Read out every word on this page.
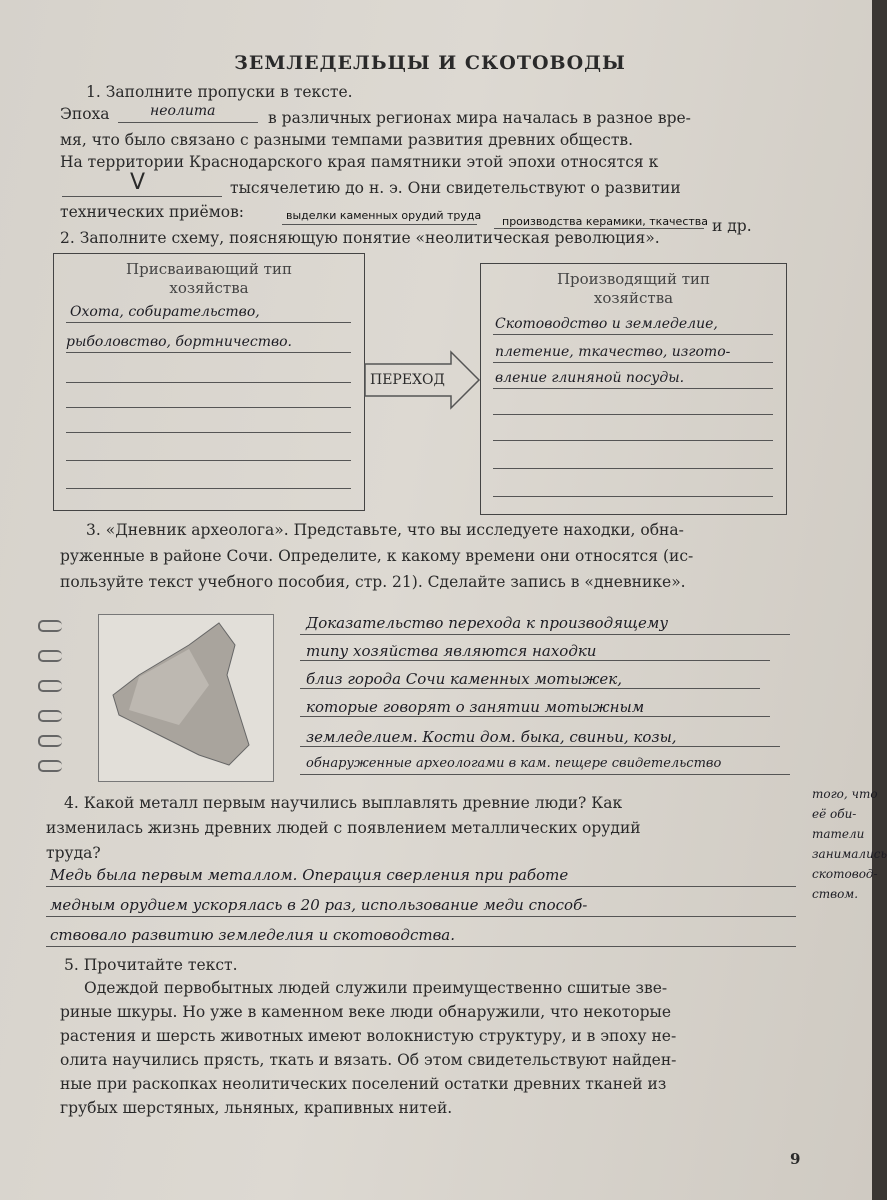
ЗЕМЛЕДЕЛЬЦЫ И СКОТОВОДЫ
1. Заполните пропуски в тексте.
Эпоха	неолита	в различных регионах мира началась в разное вре-
мя, что было связано с разными темпами развития древних обществ.
На территории Краснодарского края памятники этой эпохи относятся к
V	тысячелетию до н. э. Они свидетельствуют о развитии
технических приёмов:	выделки каменных орудий труда производства керамики, ткачества и др.
2. Заполните схему, поясняющую понятие «неолитическая революция».
Присваивающий тип хозяйства
Охота, собирательство,
рыболовство, бортничество.
ПЕРЕХОД
Производящий тип хозяйства
Скотоводство и земледелие,
плетение, ткачество, изгото-
вление глиняной посуды.
3. «Дневник археолога». Представьте, что вы исследуете находки, обна-
руженные в районе Сочи. Определите, к какому времени они относятся (ис-
пользуйте текст учебного пособия, стр. 21). Сделайте запись в «дневнике».
Доказательство перехода к производящему
типу хозяйства являются находки
близ города Сочи каменных мотыжек,
которые говорят о занятии мотыжным
земледелием. Кости дом. быка, свиньи, козы,
обнаруженные археологами в кам. пещере свидетельство
того, что
её оби-
татели
занимались
скотовод-
ством.
4. Какой металл первым научились выплавлять древние люди? Как
изменилась жизнь древних людей с появлением металлических орудий
труда?
Медь была первым металлом. Операция сверления при работе
медным орудием ускорялась в 20 раз, использование меди способ-
ствовало развитию земледелия и скотоводства.
5. Прочитайте текст.
Одеждой первобытных людей служили преимущественно сшитые зве-
риные шкуры. Но уже в каменном веке люди обнаружили, что некоторые
растения и шерсть животных имеют волокнистую структуру, и в эпоху не-
олита научились прясть, ткать и вязать. Об этом свидетельствуют найден-
ные при раскопках неолитических поселений остатки древних тканей из
грубых шерстяных, льняных, крапивных нитей.
9
